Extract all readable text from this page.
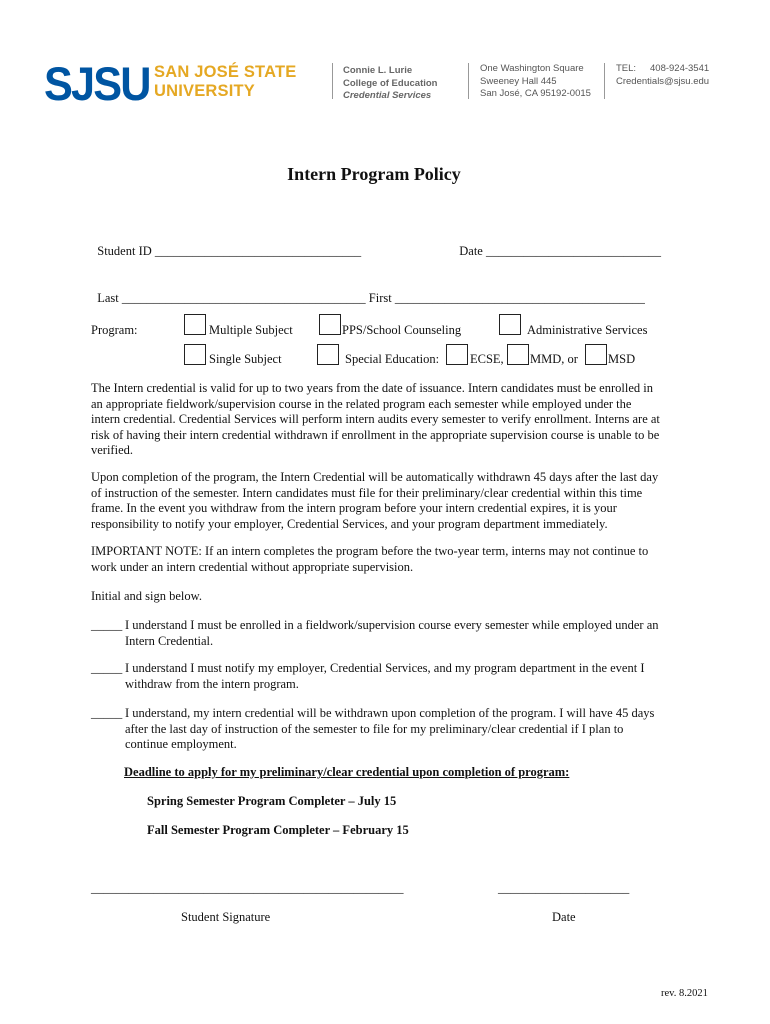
SJSU SAN JOSÉ STATE
UNIVERSITY
Connie L. Lurie
College of Education
Credential Services
One Washington Square
Sweeney Hall 445
San José, CA 95192-0015
TEL:	408-924-3541
Credentials@sjsu.edu
Intern Program Policy

Student ID _________________________________	Date ____________________________

Last _______________________________________ First ________________________________________

Program:	Multiple Subject	PPS/School Counseling	Administrative Services
Single Subject	Special Education: ECSE, MMD, or MSD
The Intern credential is valid for up to two years from the date of issuance. Intern candidates must be enrolled in an appropriate fieldwork/supervision course in the related program each semester while employed under the intern credential. Credential Services will perform intern audits every semester to verify enrollment. Interns are at risk of having their intern credential withdrawn if enrollment in the appropriate supervision course is unable to be verified.
Upon completion of the program, the Intern Credential will be automatically withdrawn 45 days after the last day of instruction of the semester. Intern candidates must file for their preliminary/clear credential within this time frame. In the event you withdraw from the intern program before your intern credential expires, it is your responsibility to notify your employer, Credential Services, and your program department immediately.
IMPORTANT NOTE: If an intern completes the program before the two-year term, interns may not continue to work under an intern credential without appropriate supervision.
Initial and sign below.
_____ I understand I must be enrolled in a fieldwork/supervision course every semester while employed under an Intern Credential.
_____ I understand I must notify my employer, Credential Services, and my program department in the event I withdraw from the intern program.
_____ I understand, my intern credential will be withdrawn upon completion of the program. I will have 45 days after the last day of instruction of the semester to file for my preliminary/clear credential if I plan to continue employment.
Deadline to apply for my preliminary/clear credential upon completion of program:
Spring Semester Program Completer – July 15
Fall Semester Program Completer – February 15
__________________________________________________	_____________________
Student Signature	Date
rev. 8.2021
